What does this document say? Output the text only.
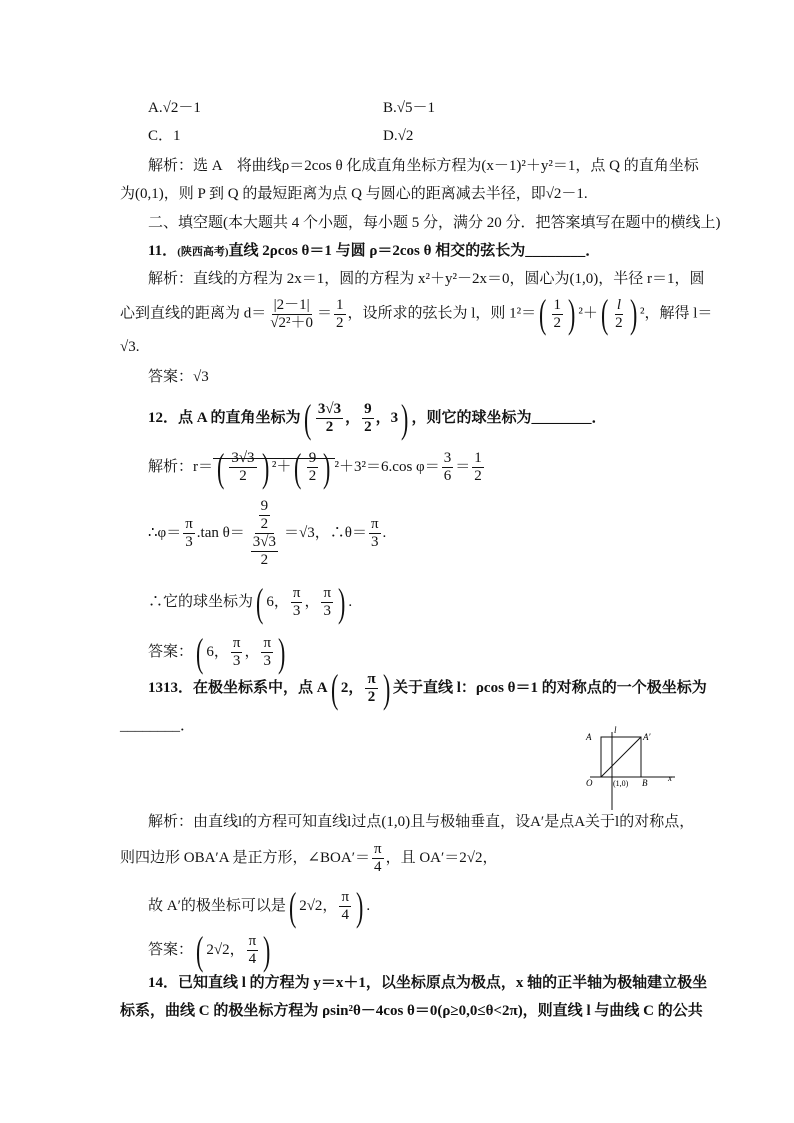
A.√2－1	B.√5－1
C．1	D.√2
解析：选 A　将曲线ρ＝2cos θ 化成直角坐标方程为(x－1)²＋y²＝1，点 Q 的直角坐标
为(0,1)，则 P 到 Q 的最短距离为点 Q 与圆心的距离减去半径，即√2－1.
二、填空题(本大题共 4 个小题，每小题 5 分，满分 20 分．把答案填写在题中的横线上)
11．(陕西高考)直线 2ρcos θ＝1 与圆 ρ＝2cos θ 相交的弦长为________．
解析：直线的方程为 2x＝1，圆的方程为 x²＋y²－2x＝0，圆心为(1,0)，半径 r＝1，圆
心到直线的距离为 $d= \frac{|2-1|}{\text{√2²＋0}} = \frac{1}{2}$ ，设所求的弦长为 l，则 $1^2=( \frac{1}{2}$ ) $^2+( \frac{l}{2}$ ) ²，解得 l＝
√3.
答案：√3
12．点 A 的直角坐标为( $\frac{3√3}{2}$ ， $\frac{9}{2}$ ，3) ，则它的球坐标为________．
解析：$r=( \frac{3√3}{2}$ ) $^2+( \frac{9}{2}$ ) ²＋3²＝6.cos $\varphi= \frac{3}{6} = \frac{1}{2}$
∴φ＝ $\frac{\pi}{3} .\tan$ $\theta= \frac{\frac{9}{2}}{\frac{3√3}{2}} =√3$，∴θ＝ $\frac{\pi}{3}$ .
∴它的球坐标为( 6， $\frac{\pi}{3}$ ， $\frac{\pi}{3}$ ) .
答案：( 6， $\frac{\pi}{3}$ ， $\frac{\pi}{3}$ )
1313．在极坐标系中，点 A( 2， $\frac{\pi}{2}$ ) 关于直线 l：ρcos θ＝1 的对称点的一个极坐标为
________．
A	A′
l
O	(1,0) B x
解析：由直线l的方程可知直线l过点(1,0)且与极轴垂直，设A′是点A关于l的对称点，
则四边形 OBA′A 是正方形，∠BOA′＝ $\frac{\pi}{4}$ ，且 OA′＝2√2，
故 A′的极坐标可以是( 2√2， $\frac{\pi}{4}$ ) .
答案：( 2√2， $\frac{\pi}{4}$ )
14．已知直线 l 的方程为 y＝x＋1，以坐标原点为极点，x 轴的正半轴为极轴建立极坐
标系，曲线 C 的极坐标方程为 ρsin²θ－4cos θ＝0(ρ≥0,0≤θ<2π)，则直线 l 与曲线 C 的公共
